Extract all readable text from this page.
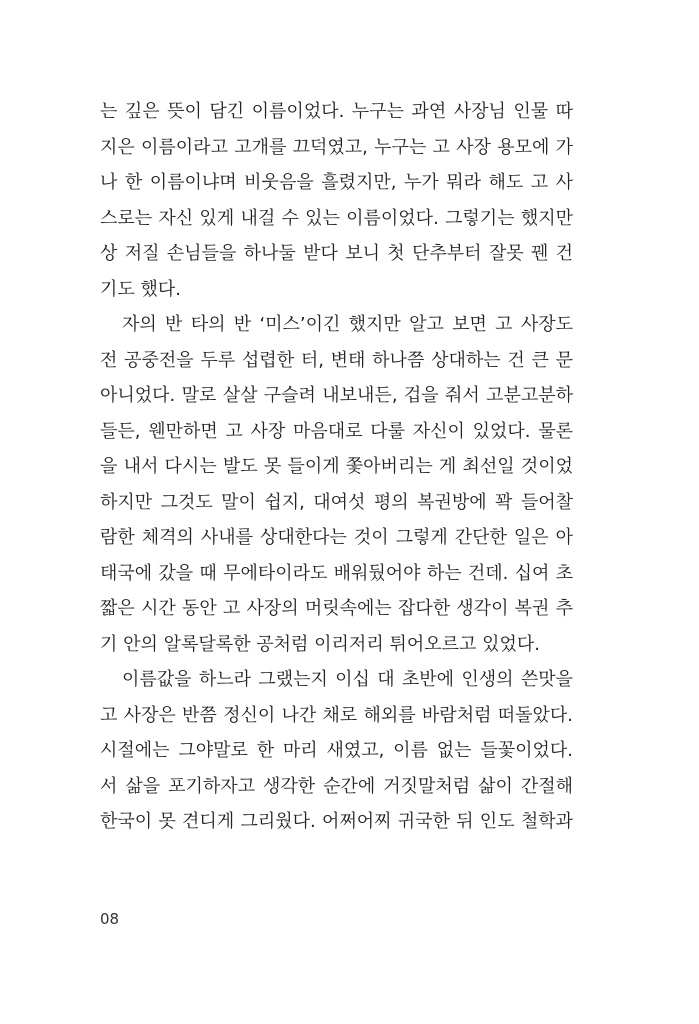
는 깊은 뜻이 담긴 이름이었다. 누구는 과연 사장님 인물 따
지은 이름이라고 고개를 끄덕였고, 누구는 고 사장 용모에 가
나 한 이름이냐며 비웃음을 흘렸지만, 누가 뭐라 해도 고 사
스로는 자신 있게 내걸 수 있는 이름이었다. 그렇기는 했지만
상 저질 손님들을 하나둘 받다 보니 첫 단추부터 잘못 꿴 건
기도 했다.
자의 반 타의 반 ‘미스’이긴 했지만 알고 보면 고 사장도
전 공중전을 두루 섭렵한 터, 변태 하나쯤 상대하는 건 큰 문
아니었다. 말로 살살 구슬려 내보내든, 겁을 줘서 고분고분하
들든, 웬만하면 고 사장 마음대로 다룰 자신이 있었다. 물론
을 내서 다시는 발도 못 들이게 쫓아버리는 게 최선일 것이었
하지만 그것도 말이 쉽지, 대여섯 평의 복권방에 꽉 들어찰
람한 체격의 사내를 상대한다는 것이 그렇게 간단한 일은 아
태국에 갔을 때 무에타이라도 배워뒀어야 하는 건데. 십여 초
짧은 시간 동안 고 사장의 머릿속에는 잡다한 생각이 복권 추
기 안의 알록달록한 공처럼 이리저리 튀어오르고 있었다.
이름값을 하느라 그랬는지 이십 대 초반에 인생의 쓴맛을
고 사장은 반쯤 정신이 나간 채로 해외를 바람처럼 떠돌았다.
시절에는 그야말로 한 마리 새였고, 이름 없는 들꽃이었다.
서 삶을 포기하자고 생각한 순간에 거짓말처럼 삶이 간절해
한국이 못 견디게 그리웠다. 어쩌어찌 귀국한 뒤 인도 철학과
08
